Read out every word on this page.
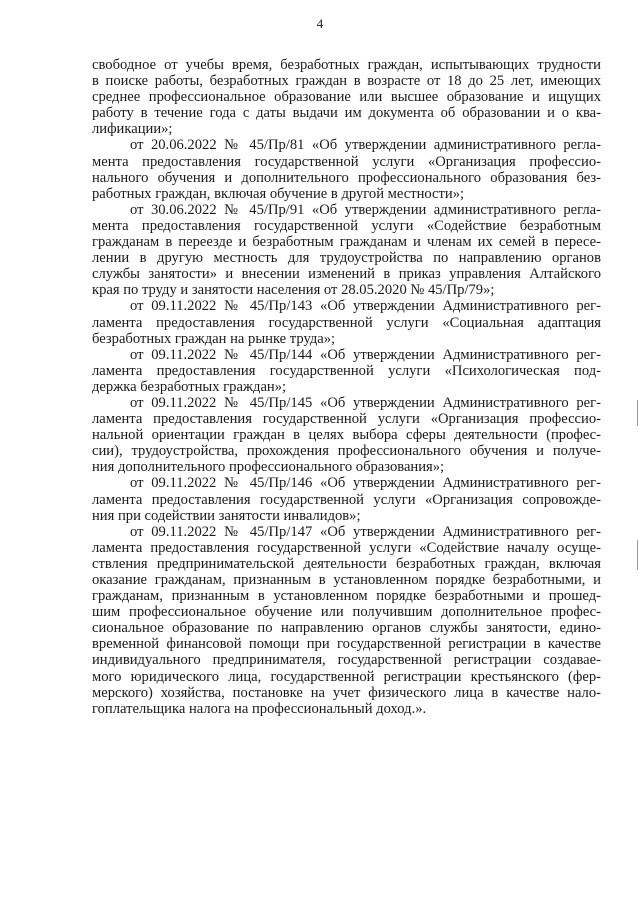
4
свободное от учебы время, безработных граждан, испытывающих трудности
в поиске работы, безработных граждан в возрасте от 18 до 25 лет, имеющих
среднее профессиональное образование или высшее образование и ищущих
работу в течение года с даты выдачи им документа об образовании и о ква-
лификации»;
от 20.06.2022 № 45/Пр/81 «Об утверждении административного регла-
мента предоставления государственной услуги «Организация профессио-
нального обучения и дополнительного профессионального образования без-
работных граждан, включая обучение в другой местности»;
от 30.06.2022 № 45/Пр/91 «Об утверждении административного регла-
мента предоставления государственной услуги «Содействие безработным
гражданам в переезде и безработным гражданам и членам их семей в пересе-
лении в другую местность для трудоустройства по направлению органов
службы занятости» и внесении изменений в приказ управления Алтайского
края по труду и занятости населения от 28.05.2020 № 45/Пр/79»;
от 09.11.2022 № 45/Пр/143 «Об утверждении Административного рег-
ламента предоставления государственной услуги «Социальная адаптация
безработных граждан на рынке труда»;
от 09.11.2022 № 45/Пр/144 «Об утверждении Административного рег-
ламента предоставления государственной услуги «Психологическая под-
держка безработных граждан»;
от 09.11.2022 № 45/Пр/145 «Об утверждении Административного рег-
ламента предоставления государственной услуги «Организация профессио-
нальной ориентации граждан в целях выбора сферы деятельности (профес-
сии), трудоустройства, прохождения профессионального обучения и получе-
ния дополнительного профессионального образования»;
от 09.11.2022 № 45/Пр/146 «Об утверждении Административного рег-
ламента предоставления государственной услуги «Организация сопровожде-
ния при содействии занятости инвалидов»;
от 09.11.2022 № 45/Пр/147 «Об утверждении Административного рег-
ламента предоставления государственной услуги «Содействие началу осуще-
ствления предпринимательской деятельности безработных граждан, включая
оказание гражданам, признанным в установленном порядке безработными, и
гражданам, признанным в установленном порядке безработными и прошед-
шим профессиональное обучение или получившим дополнительное профес-
сиональное образование по направлению органов службы занятости, едино-
временной финансовой помощи при государственной регистрации в качестве
индивидуального предпринимателя, государственной регистрации создавае-
мого юридического лица, государственной регистрации крестьянского (фер-
мерского) хозяйства, постановке на учет физического лица в качестве нало-
гоплательщика налога на профессиональный доход.».
